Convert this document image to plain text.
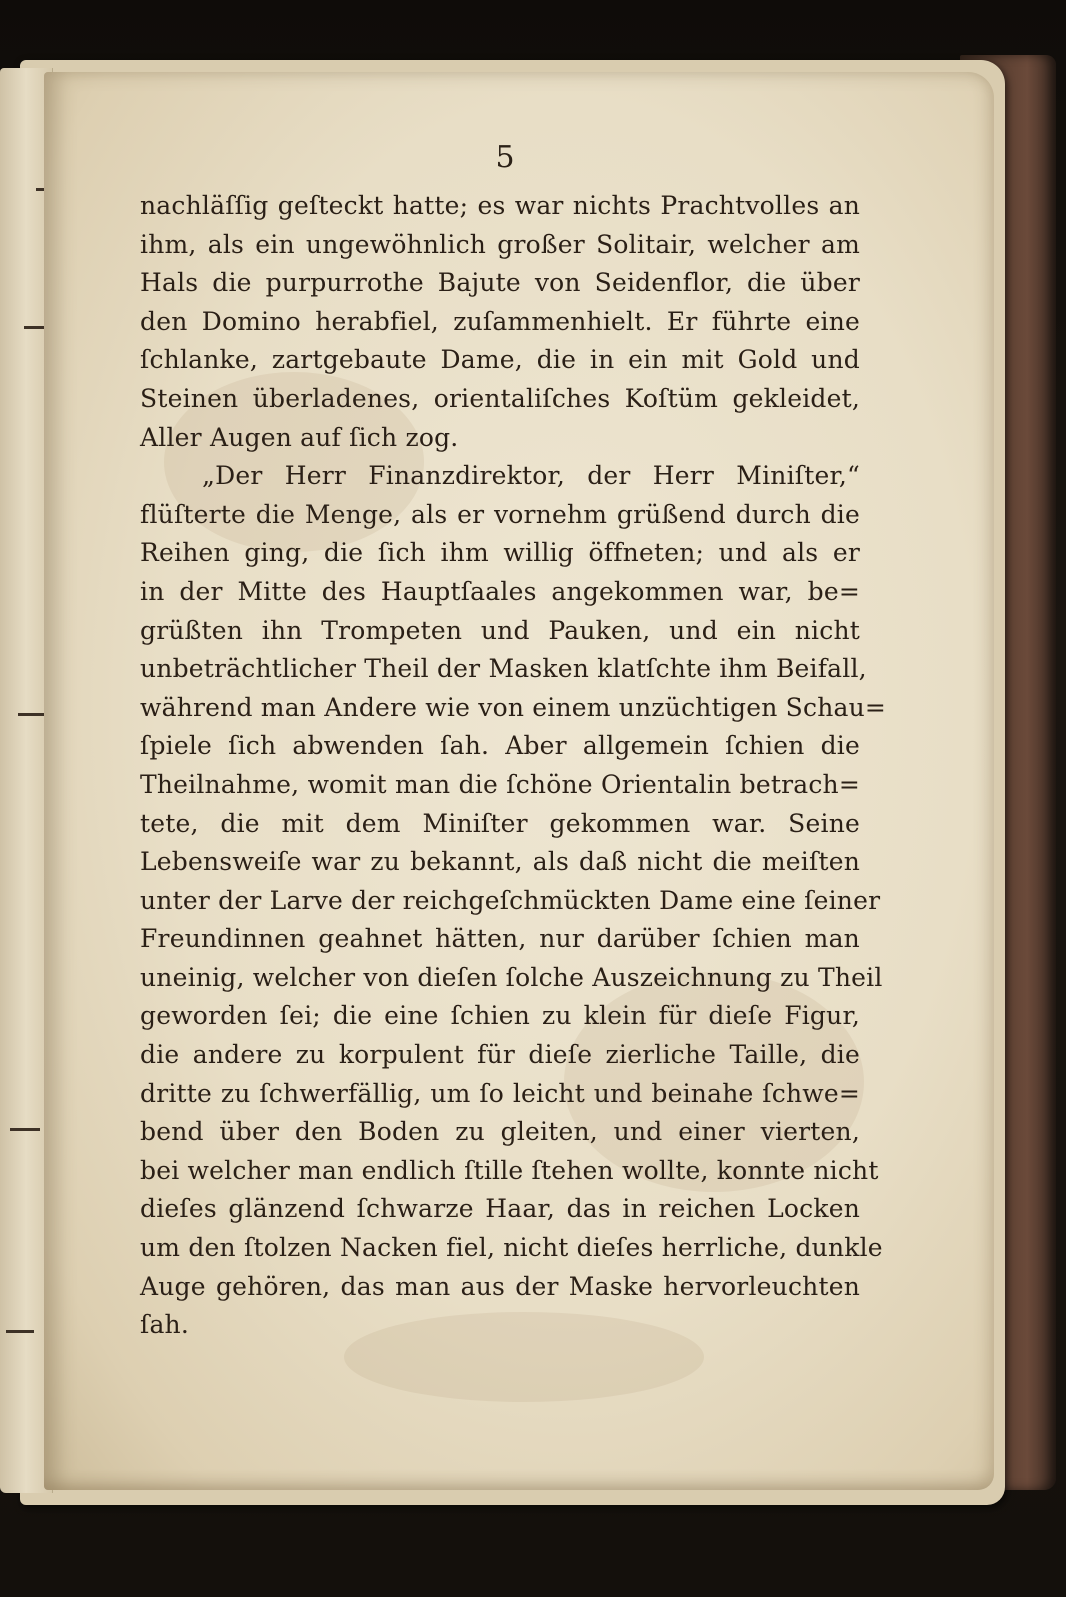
5
nachläſſig geſteckt hatte; es war nichts Prachtvolles an
ihm, als ein ungewöhnlich großer Solitair, welcher am
Hals die purpurrothe Bajute von Seidenflor, die über
den Domino herabfiel, zuſammenhielt. Er führte eine
ſchlanke, zartgebaute Dame, die in ein mit Gold und
Steinen überladenes, orientaliſches Koſtüm gekleidet,
Aller Augen auf ſich zog.
„Der Herr Finanzdirektor, der Herr Miniſter,“
flüſterte die Menge, als er vornehm grüßend durch die
Reihen ging, die ſich ihm willig öffneten; und als er
in der Mitte des Hauptſaales angekommen war, be=
grüßten ihn Trompeten und Pauken, und ein nicht
unbeträchtlicher Theil der Masken klatſchte ihm Beifall,
während man Andere wie von einem unzüchtigen Schau=
ſpiele ſich abwenden ſah. Aber allgemein ſchien die
Theilnahme, womit man die ſchöne Orientalin betrach=
tete, die mit dem Miniſter gekommen war. Seine
Lebensweiſe war zu bekannt, als daß nicht die meiſten
unter der Larve der reichgeſchmückten Dame eine ſeiner
Freundinnen geahnet hätten, nur darüber ſchien man
uneinig, welcher von dieſen ſolche Auszeichnung zu Theil
geworden ſei; die eine ſchien zu klein für dieſe Figur,
die andere zu korpulent für dieſe zierliche Taille, die
dritte zu ſchwerfällig, um ſo leicht und beinahe ſchwe=
bend über den Boden zu gleiten, und einer vierten,
bei welcher man endlich ſtille ſtehen wollte, konnte nicht
dieſes glänzend ſchwarze Haar, das in reichen Locken
um den ſtolzen Nacken fiel, nicht dieſes herrliche, dunkle
Auge gehören, das man aus der Maske hervorleuchten
ſah.
